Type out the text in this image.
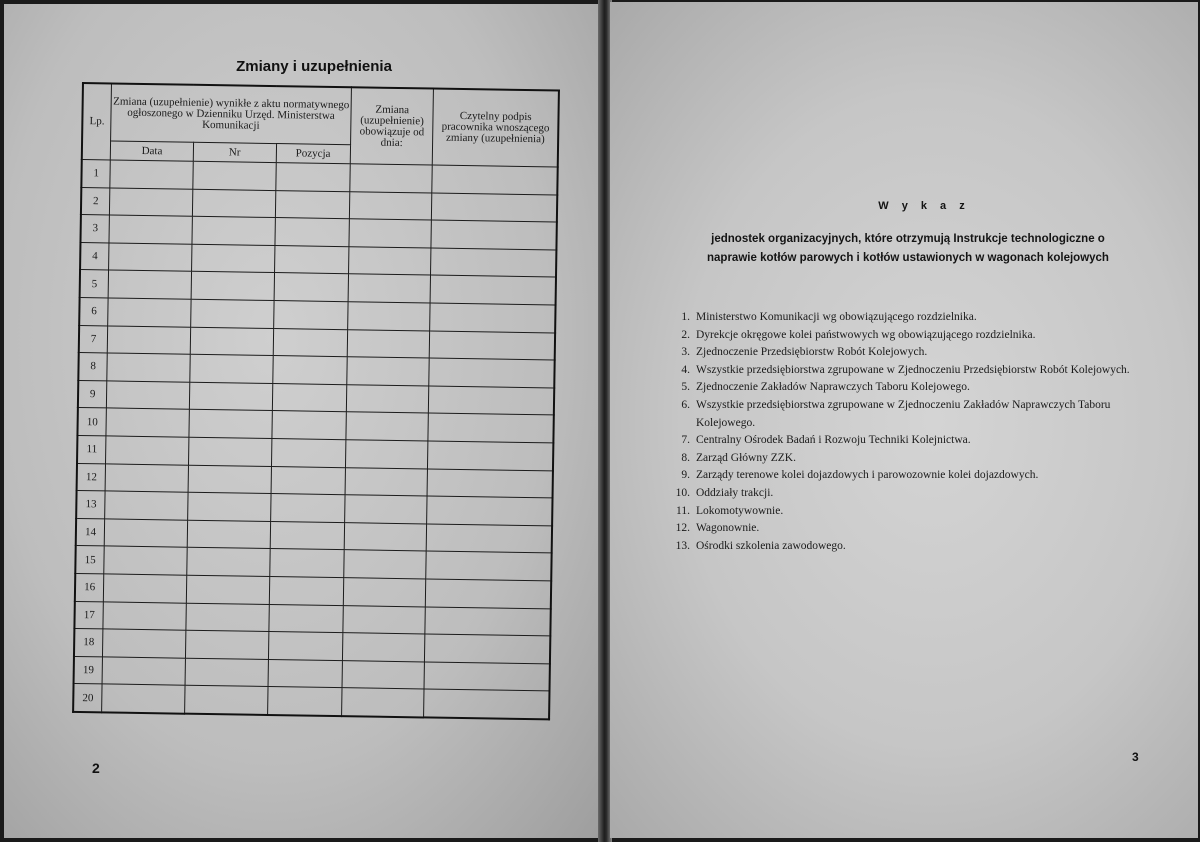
Zmiany i uzupełnienia
Lp.	Zmiana (uzupełnienie) wynikłe z aktu normatywnego ogłoszonego w Dzienniku Urzęd. Ministerstwa Komunikacji			Zmiana (uzupełnienie) obowiązuje od dnia:	Czytelny podpis pracownika wnoszącego zmiany (uzupełnienia)
	Data	Nr	Pozycja		
1					
2					
3					
4					
5					
6					
7					
8					
9					
10					
11					
12					
13					
14					
15					
16					
17					
18					
19					
20					
2
W y k a z
jednostek organizacyjnych, które otrzymują Instrukcje technologiczne o naprawie kotłów parowych i kotłów ustawionych w wagonach kolejowych
1. Ministerstwo Komunikacji wg obowiązującego rozdzielnika.
2. Dyrekcje okręgowe kolei państwowych wg obowiązującego rozdzielnika.
3. Zjednoczenie Przedsiębiorstw Robót Kolejowych.
4. Wszystkie przedsiębiorstwa zgrupowane w Zjednoczeniu Przedsiębiorstw Robót Kolejowych.
5. Zjednoczenie Zakładów Naprawczych Taboru Kolejowego.
6. Wszystkie przedsiębiorstwa zgrupowane w Zjednoczeniu Zakładów Naprawczych Taboru Kolejowego.
7. Centralny Ośrodek Badań i Rozwoju Techniki Kolejnictwa.
8. Zarząd Główny ZZK.
9. Zarządy terenowe kolei dojazdowych i parowozownie kolei dojazdowych.
10. Oddziały trakcji.
11. Lokomotywownie.
12. Wagonownie.
13. Ośrodki szkolenia zawodowego.
3
